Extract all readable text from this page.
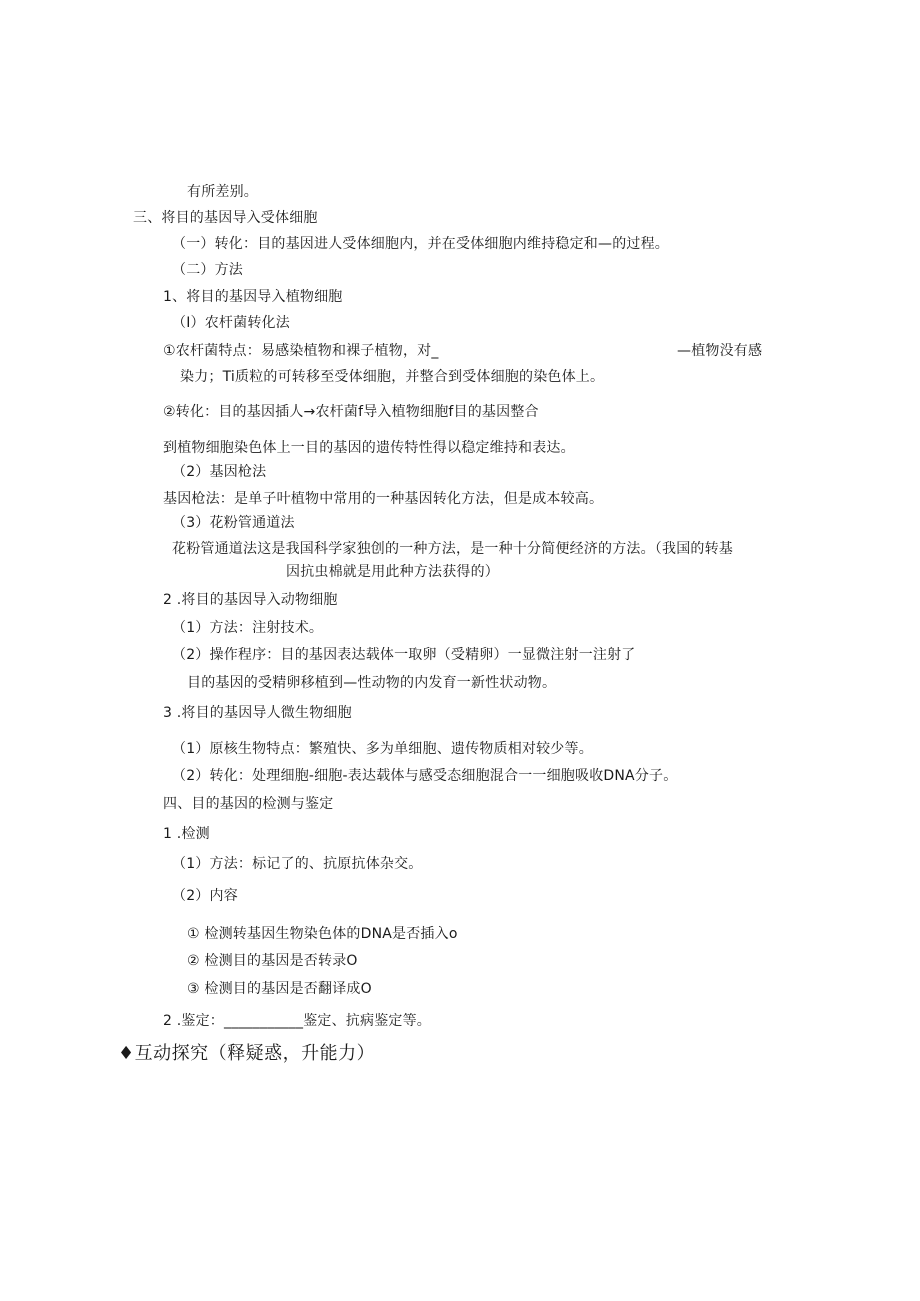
有所差别。
三、将目的基因导入受体细胞
（一）转化：目的基因进人受体细胞内，并在受体细胞内维持稳定和—的过程。
（二）方法
1、将目的基因导入植物细胞
（I）农杆菌转化法
①农杆菌特点：易感染植物和裸子植物，对_	—植物没有感
染力；Ti质粒的可转移至受体细胞，并整合到受体细胞的染色体上。
②转化：目的基因插人→农杆菌f导入植物细胞f目的基因整合
到植物细胞染色体上一目的基因的遗传特性得以稳定维持和表达。
（2）基因枪法
基因枪法：是单子叶植物中常用的一种基因转化方法，但是成本较高。
（3）花粉管通道法
花粉管通道法这是我国科学家独创的一种方法，是一种十分简便经济的方法。（我国的转基
因抗虫棉就是用此种方法获得的）
2 .将目的基因导入动物细胞
（1）方法：注射技术。
（2）操作程序：目的基因表达载体一取卵（受精卵）一显微注射一注射了
目的基因的受精卵移植到—性动物的内发育一新性状动物。
3 .将目的基因导人微生物细胞
（1）原核生物特点：繁殖快、多为单细胞、遗传物质相对较少等。
（2）转化：处理细胞-细胞-表达载体与感受态细胞混合一一细胞吸收DNA分子。
四、目的基因的检测与鉴定
1 .检测
（1）方法：标记了的、抗原抗体杂交。
（2）内容
① 检测转基因生物染色体的DNA是否插入o
② 检测目的基因是否转录O
③ 检测目的基因是否翻译成O
2 .鉴定：___________鉴定、抗病鉴定等。
♦互动探究（释疑惑，升能力）
